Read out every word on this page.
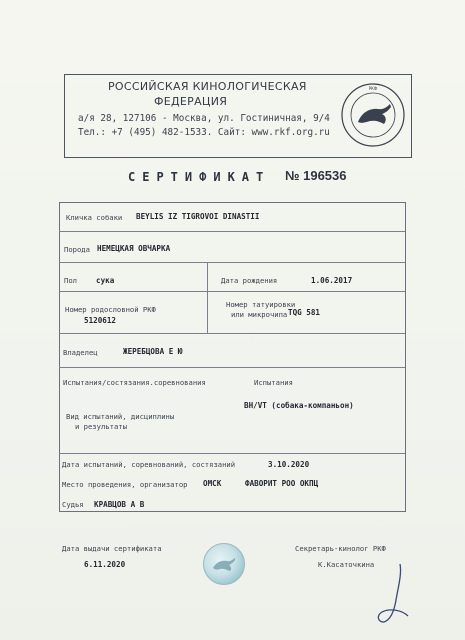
РОССИЙСКАЯ КИНОЛОГИЧЕСКАЯ
ФЕДЕРАЦИЯ
а/я 28, 127106 - Москва, ул. Гостиничная, 9/4
Тел.: +7 (495) 482-1533. Сайт: www.rkf.org.ru
РКФ
СЕРТИФИКАТ № 196536
Кличка собаки BEYLIS IZ TIGROVOI DINASTII
Порода НЕМЕЦКАЯ ОВЧАРКА
Пол	сука	Дата рождения	1.06.2017
Номер родословной РКФ
5120612
Номер татуировки
или микрочипа TQG 581
Владелец	ЖЕРЕБЦОВА Е Ю
Испытания/состязания.соревнования	Испытания
BH/VT (собака-компаньон)
Вид испытаний, дисциплины
и результаты
Дата испытаний, соревнований, состязаний	3.10.2020
Место проведения, организатор ОМСК	ФАВОРИТ РОО ОКПЦ
Судья КРАВЦОВ А В
Дата выдачи сертификата
6.11.2020
Секретарь-кинолог РКФ
К.Касаточкина
